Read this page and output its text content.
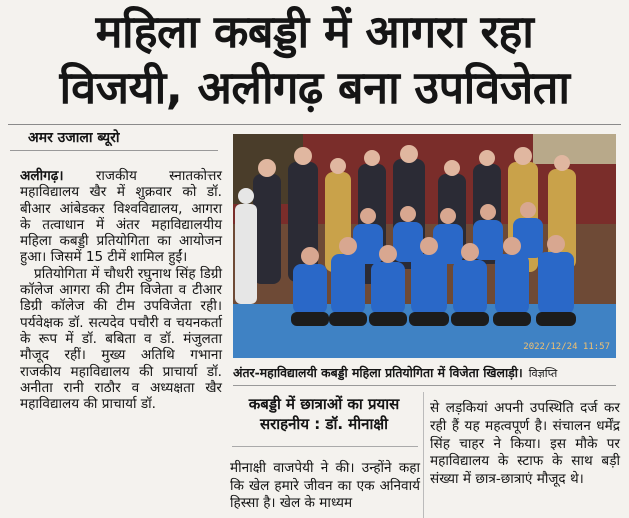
महिला कबड्डी में आगरा रहा
विजयी, अलीगढ़ बना उपविजेता
अमर उजाला ब्यूरो

अलीगढ़। राजकीय स्नातकोत्तर महाविद्यालय खैर में शुक्रवार को डॉ. बीआर आंबेडकर विश्वविद्यालय, आगरा के तत्वाधान में अंतर महाविद्यालयीय महिला कबड्डी प्रतियोगिता का आयोजन हुआ। जिसमें 15 टीमें शामिल हुईं।

प्रतियोगिता में चौधरी रघुनाथ सिंह डिग्री कॉलेज आगरा की टीम विजेता व टीआर डिग्री कॉलेज की टीम उपविजेता रही। पर्यवेक्षक डॉ. सत्यदेव पचौरी व चयनकर्ता के रूप में डॉ. बबिता व डॉ. मंजुलता मौजूद रहीं। मुख्य अतिथि गभाना राजकीय महाविद्यालय की प्राचार्या डॉ. अनीता रानी राठौर व अध्यक्षता खैर महाविद्यालय की प्राचार्या डॉ.

2022/12/24 11:57
अंतर-महाविद्यालयी कबड्डी महिला प्रतियोगिता में विजेता खिलाड़ी। विज्ञप्ति
कबड्डी में छात्राओं का प्रयास
सराहनीय : डॉ. मीनाक्षी
मीनाक्षी वाजपेयी ने की। उन्होंने कहा कि खेल हमारे जीवन का एक अनिवार्य हिस्सा है। खेल के माध्यम

से लड़कियां अपनी उपस्थिति दर्ज कर रही हैं यह महत्वपूर्ण है। संचालन धर्मेंद्र सिंह चाहर ने किया। इस मौके पर महाविद्यालय के स्टाफ के साथ बड़ी संख्या में छात्र-छात्राएं मौजूद थे।
